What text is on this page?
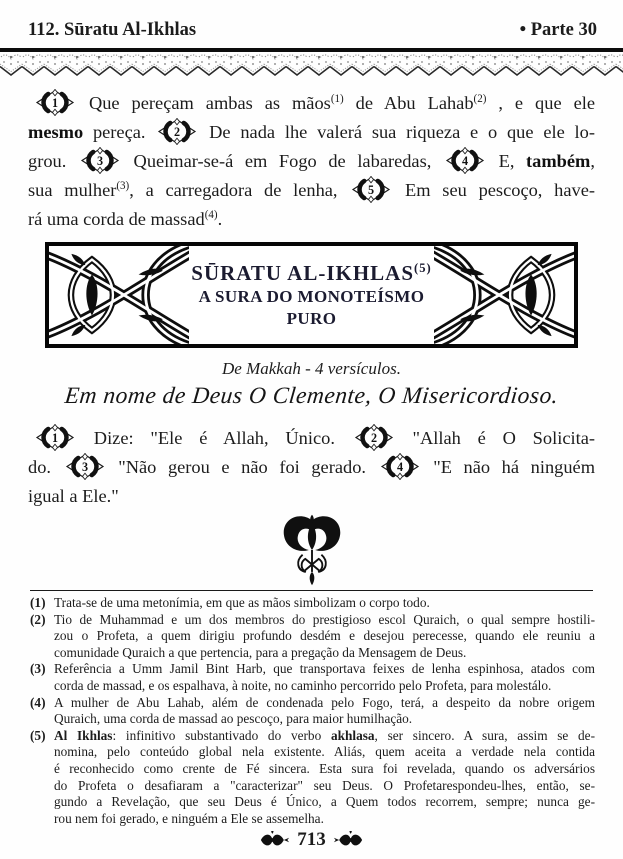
112. Sūratu Al-Ikhlas	• Parte 30
1 Que pereçam ambas as mãos$^{(1)}$ de Abu Lahab$^{(2)}$ , e que ele
mesmo pereça. 2 De nada lhe valerá sua riqueza e o que ele lo-
grou. 3 Queimar-se-á em Fogo de labaredas, 4 E, também,
sua mulher$^{(3)}$, a carregadora de lenha, 5 Em seu pescoço, have-
rá uma corda de massad$^{(4)}$.
SŪRATU AL-IKHLAS$^{(5)}$
A SURA DO MONOTEÍSMO PURO
De Makkah - 4 versículos.
Em nome de Deus O Clemente, O Misericordioso.
1 Dize: "Ele é Allah, Único. 2 "Allah é O Solicita-
do. 3 "Não gerou e não foi gerado. 4 "E não há ninguém
igual a Ele."
(1) Trata-se de uma metonímia, em que as mãos simbolizam o corpo todo.
(2) Tio de Muhammad e um dos membros do prestigioso escol Quraich, o qual sempre hostili-
zou o Profeta, a quem dirigiu profundo desdém e desejou perecesse, quando ele reuniu a
comunidade Quraich a que pertencia, para a pregação da Mensagem de Deus.
(3) Referência a Umm Jamil Bint Harb, que transportava feixes de lenha espinhosa, atados com
corda de massad, e os espalhava, à noite, no caminho percorrido pelo Profeta, para molestálo.
(4) A mulher de Abu Lahab, além de condenada pelo Fogo, terá, a despeito da nobre origem
Quraich, uma corda de massad ao pescoço, para maior humilhação.
(5) Al Ikhlas: infinitivo substantivado do verbo akhlasa, ser sincero. A sura, assim se de-
nomina, pelo conteúdo global nela existente. Aliás, quem aceita a verdade nela contida
é reconhecido como crente de Fé sincera. Esta sura foi revelada, quando os adversários
do Profeta o desafiaram a "caracterizar" seu Deus. O Profetarespondeu-lhes, então, se-
gundo a Revelação, que seu Deus é Único, a Quem todos recorrem, sempre; nunca ge-
rou nem foi gerado, e ninguém a Ele se assemelha.
713
